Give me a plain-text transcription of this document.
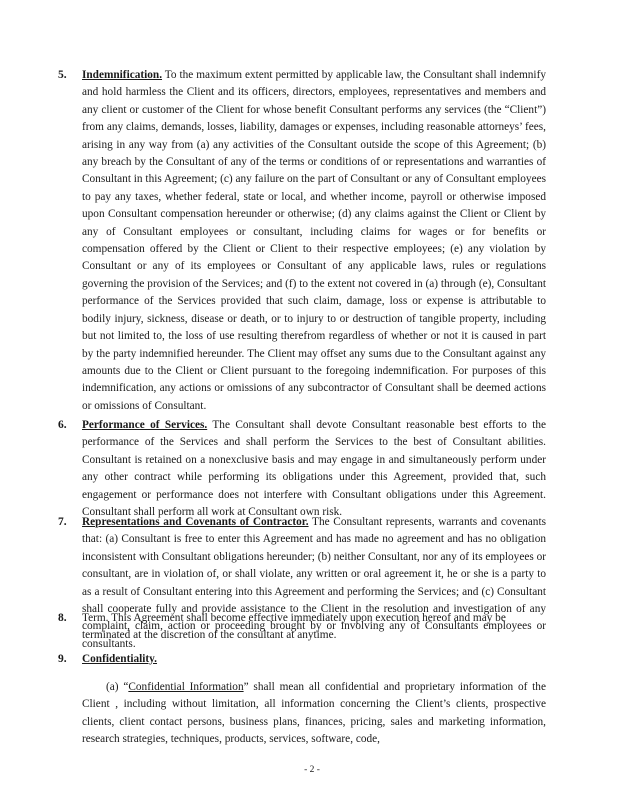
5. Indemnification. To the maximum extent permitted by applicable law, the Consultant shall indemnify and hold harmless the Client and its officers, directors, employees, representatives and members and any client or customer of the Client for whose benefit Consultant performs any services (the “Client”) from any claims, demands, losses, liability, damages or expenses, including reasonable attorneys’ fees, arising in any way from (a) any activities of the Consultant outside the scope of this Agreement; (b) any breach by the Consultant of any of the terms or conditions of or representations and warranties of Consultant in this Agreement; (c) any failure on the part of Consultant or any of Consultant employees to pay any taxes, whether federal, state or local, and whether income, payroll or otherwise imposed upon Consultant compensation hereunder or otherwise; (d) any claims against the Client or Client by any of Consultant employees or consultant, including claims for wages or for benefits or compensation offered by the Client or Client to their respective employees; (e) any violation by Consultant or any of its employees or Consultant of any applicable laws, rules or regulations governing the provision of the Services; and (f) to the extent not covered in (a) through (e), Consultant performance of the Services provided that such claim, damage, loss or expense is attributable to bodily injury, sickness, disease or death, or to injury to or destruction of tangible property, including but not limited to, the loss of use resulting therefrom regardless of whether or not it is caused in part by the party indemnified hereunder. The Client may offset any sums due to the Consultant against any amounts due to the Client or Client pursuant to the foregoing indemnification. For purposes of this indemnification, any actions or omissions of any subcontractor of Consultant shall be deemed actions or omissions of Consultant.

6. Performance of Services. The Consultant shall devote Consultant reasonable best efforts to the performance of the Services and shall perform the Services to the best of Consultant abilities. Consultant is retained on a nonexclusive basis and may engage in and simultaneously perform under any other contract while performing its obligations under this Agreement, provided that, such engagement or performance does not interfere with Consultant obligations under this Agreement. Consultant shall perform all work at Consultant own risk.

7. Representations and Covenants of Contractor. The Consultant represents, warrants and covenants that: (a) Consultant is free to enter this Agreement and has made no agreement and has no obligation inconsistent with Consultant obligations hereunder; (b) neither Consultant, nor any of its employees or consultant, are in violation of, or shall violate, any written or oral agreement it, he or she is a party to as a result of Consultant entering into this Agreement and performing the Services; and (c) Consultant shall cooperate fully and provide assistance to the Client in the resolution and investigation of any complaint, claim, action or proceeding brought by or involving any of Consultants employees or consultants.

8. Term. This Agreement shall become effective immediately upon execution hereof and may be terminated at the discretion of the consultant at anytime.

9. Confidentiality.

(a) “Confidential Information” shall mean all confidential and proprietary information of the Client , including without limitation, all information concerning the Client’s clients, prospective clients, client contact persons, business plans, finances, pricing, sales and marketing information, research strategies, techniques, products, services, software, code,

- 2 -
